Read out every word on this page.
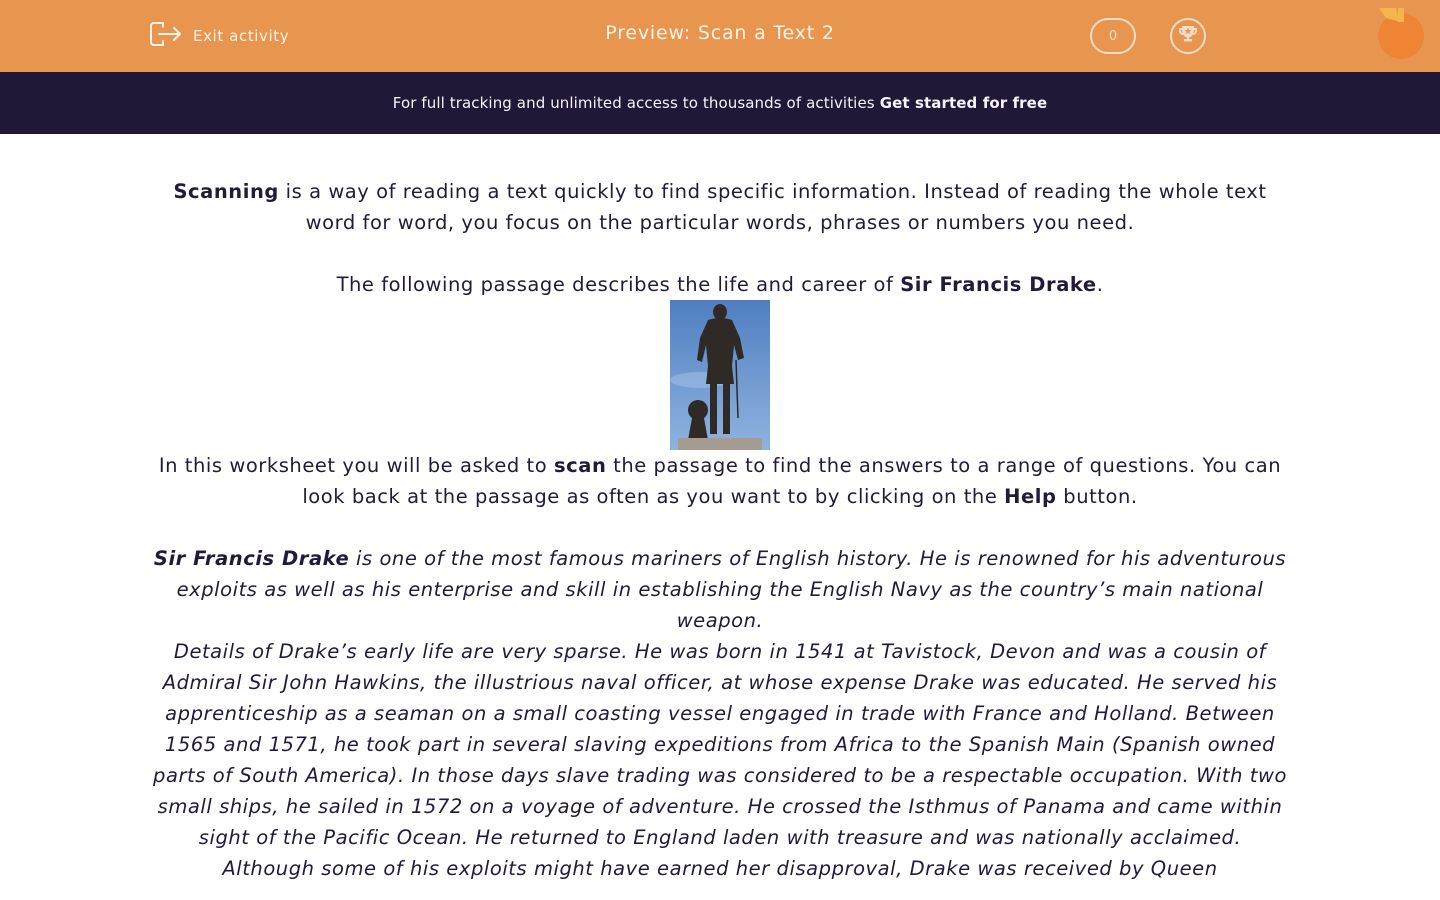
Exit activity	Preview: Scan a Text 2	0
For full tracking and unlimited access to thousands of activities Get started for free

Scanning is a way of reading a text quickly to find specific information. Instead of reading the whole text word for word, you focus on the particular words, phrases or numbers you need.

The following passage describes the life and career of Sir Francis Drake.

In this worksheet you will be asked to scan the passage to find the answers to a range of questions. You can look back at the passage as often as you want to by clicking on the Help button.

Sir Francis Drake is one of the most famous mariners of English history. He is renowned for his adventurous exploits as well as his enterprise and skill in establishing the English Navy as the country’s main national weapon.

Details of Drake’s early life are very sparse. He was born in 1541 at Tavistock, Devon and was a cousin of Admiral Sir John Hawkins, the illustrious naval officer, at whose expense Drake was educated. He served his apprenticeship as a seaman on a small coasting vessel engaged in trade with France and Holland. Between 1565 and 1571, he took part in several slaving expeditions from Africa to the Spanish Main (Spanish owned parts of South America). In those days slave trading was considered to be a respectable occupation. With two small ships, he sailed in 1572 on a voyage of adventure. He crossed the Isthmus of Panama and came within sight of the Pacific Ocean. He returned to England laden with treasure and was nationally acclaimed.

Although some of his exploits might have earned her disapproval, Drake was received by Queen
